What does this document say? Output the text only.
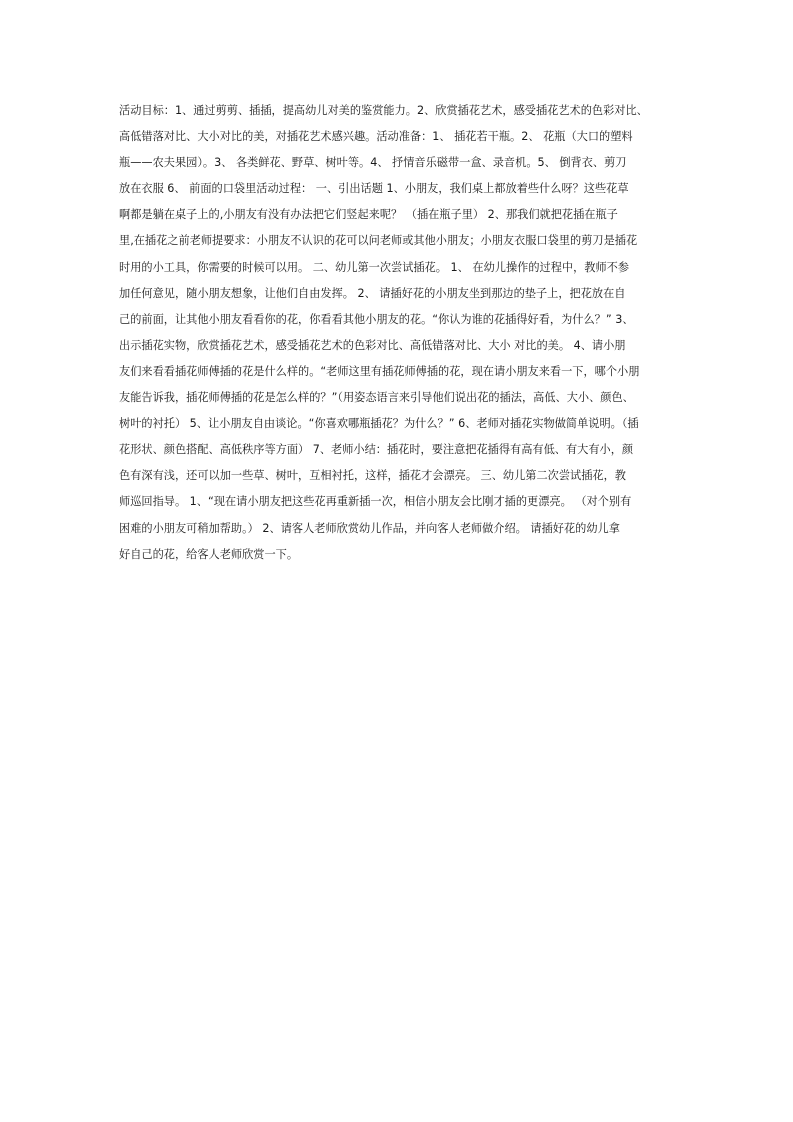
活动目标：1、通过剪剪、插插，提高幼儿对美的鉴赏能力。2、欣赏插花艺术，感受插花艺术的色彩对比、
高低错落对比、大小对比的美，对插花艺术感兴趣。活动准备：1、 插花若干瓶。2、 花瓶（大口的塑料
瓶——农夫果园）。3、 各类鲜花、野草、树叶等。4、 抒情音乐磁带一盒、录音机。5、 倒背衣、剪刀
放在衣服 6、 前面的口袋里活动过程： 一、引出话题 1、小朋友，我们桌上都放着些什么呀？这些花草
啊都是躺在桌子上的,小朋友有没有办法把它们竖起来呢？ （插在瓶子里） 2、那我们就把花插在瓶子
里,在插花之前老师提要求：小朋友不认识的花可以问老师或其他小朋友；小朋友衣服口袋里的剪刀是插花
时用的小工具，你需要的时候可以用。 二、幼儿第一次尝试插花。 1、 在幼儿操作的过程中，教师不参
加任何意见，随小朋友想象，让他们自由发挥。 2、 请插好花的小朋友坐到那边的垫子上，把花放在自
己的前面，让其他小朋友看看你的花，你看看其他小朋友的花。“你认为谁的花插得好看，为什么？” 3、
出示插花实物，欣赏插花艺术，感受插花艺术的色彩对比、高低错落对比、大小 对比的美。 4、请小朋
友们来看看插花师傅插的花是什么样的。“老师这里有插花师傅插的花，现在请小朋友来看一下，哪个小朋
友能告诉我，插花师傅插的花是怎么样的？”（用姿态语言来引导他们说出花的插法，高低、大小、颜色、
树叶的衬托） 5、让小朋友自由谈论。“你喜欢哪瓶插花？为什么？” 6、老师对插花实物做简单说明。（插
花形状、颜色搭配、高低秩序等方面） 7、老师小结：插花时，要注意把花插得有高有低、有大有小，颜
色有深有浅，还可以加一些草、树叶，互相衬托，这样，插花才会漂亮。 三、幼儿第二次尝试插花，教
师巡回指导。 1、“现在请小朋友把这些花再重新插一次，相信小朋友会比刚才插的更漂亮。 （对个别有
困难的小朋友可稍加帮助。） 2、请客人老师欣赏幼儿作品，并向客人老师做介绍。 请插好花的幼儿拿
好自己的花，给客人老师欣赏一下。
